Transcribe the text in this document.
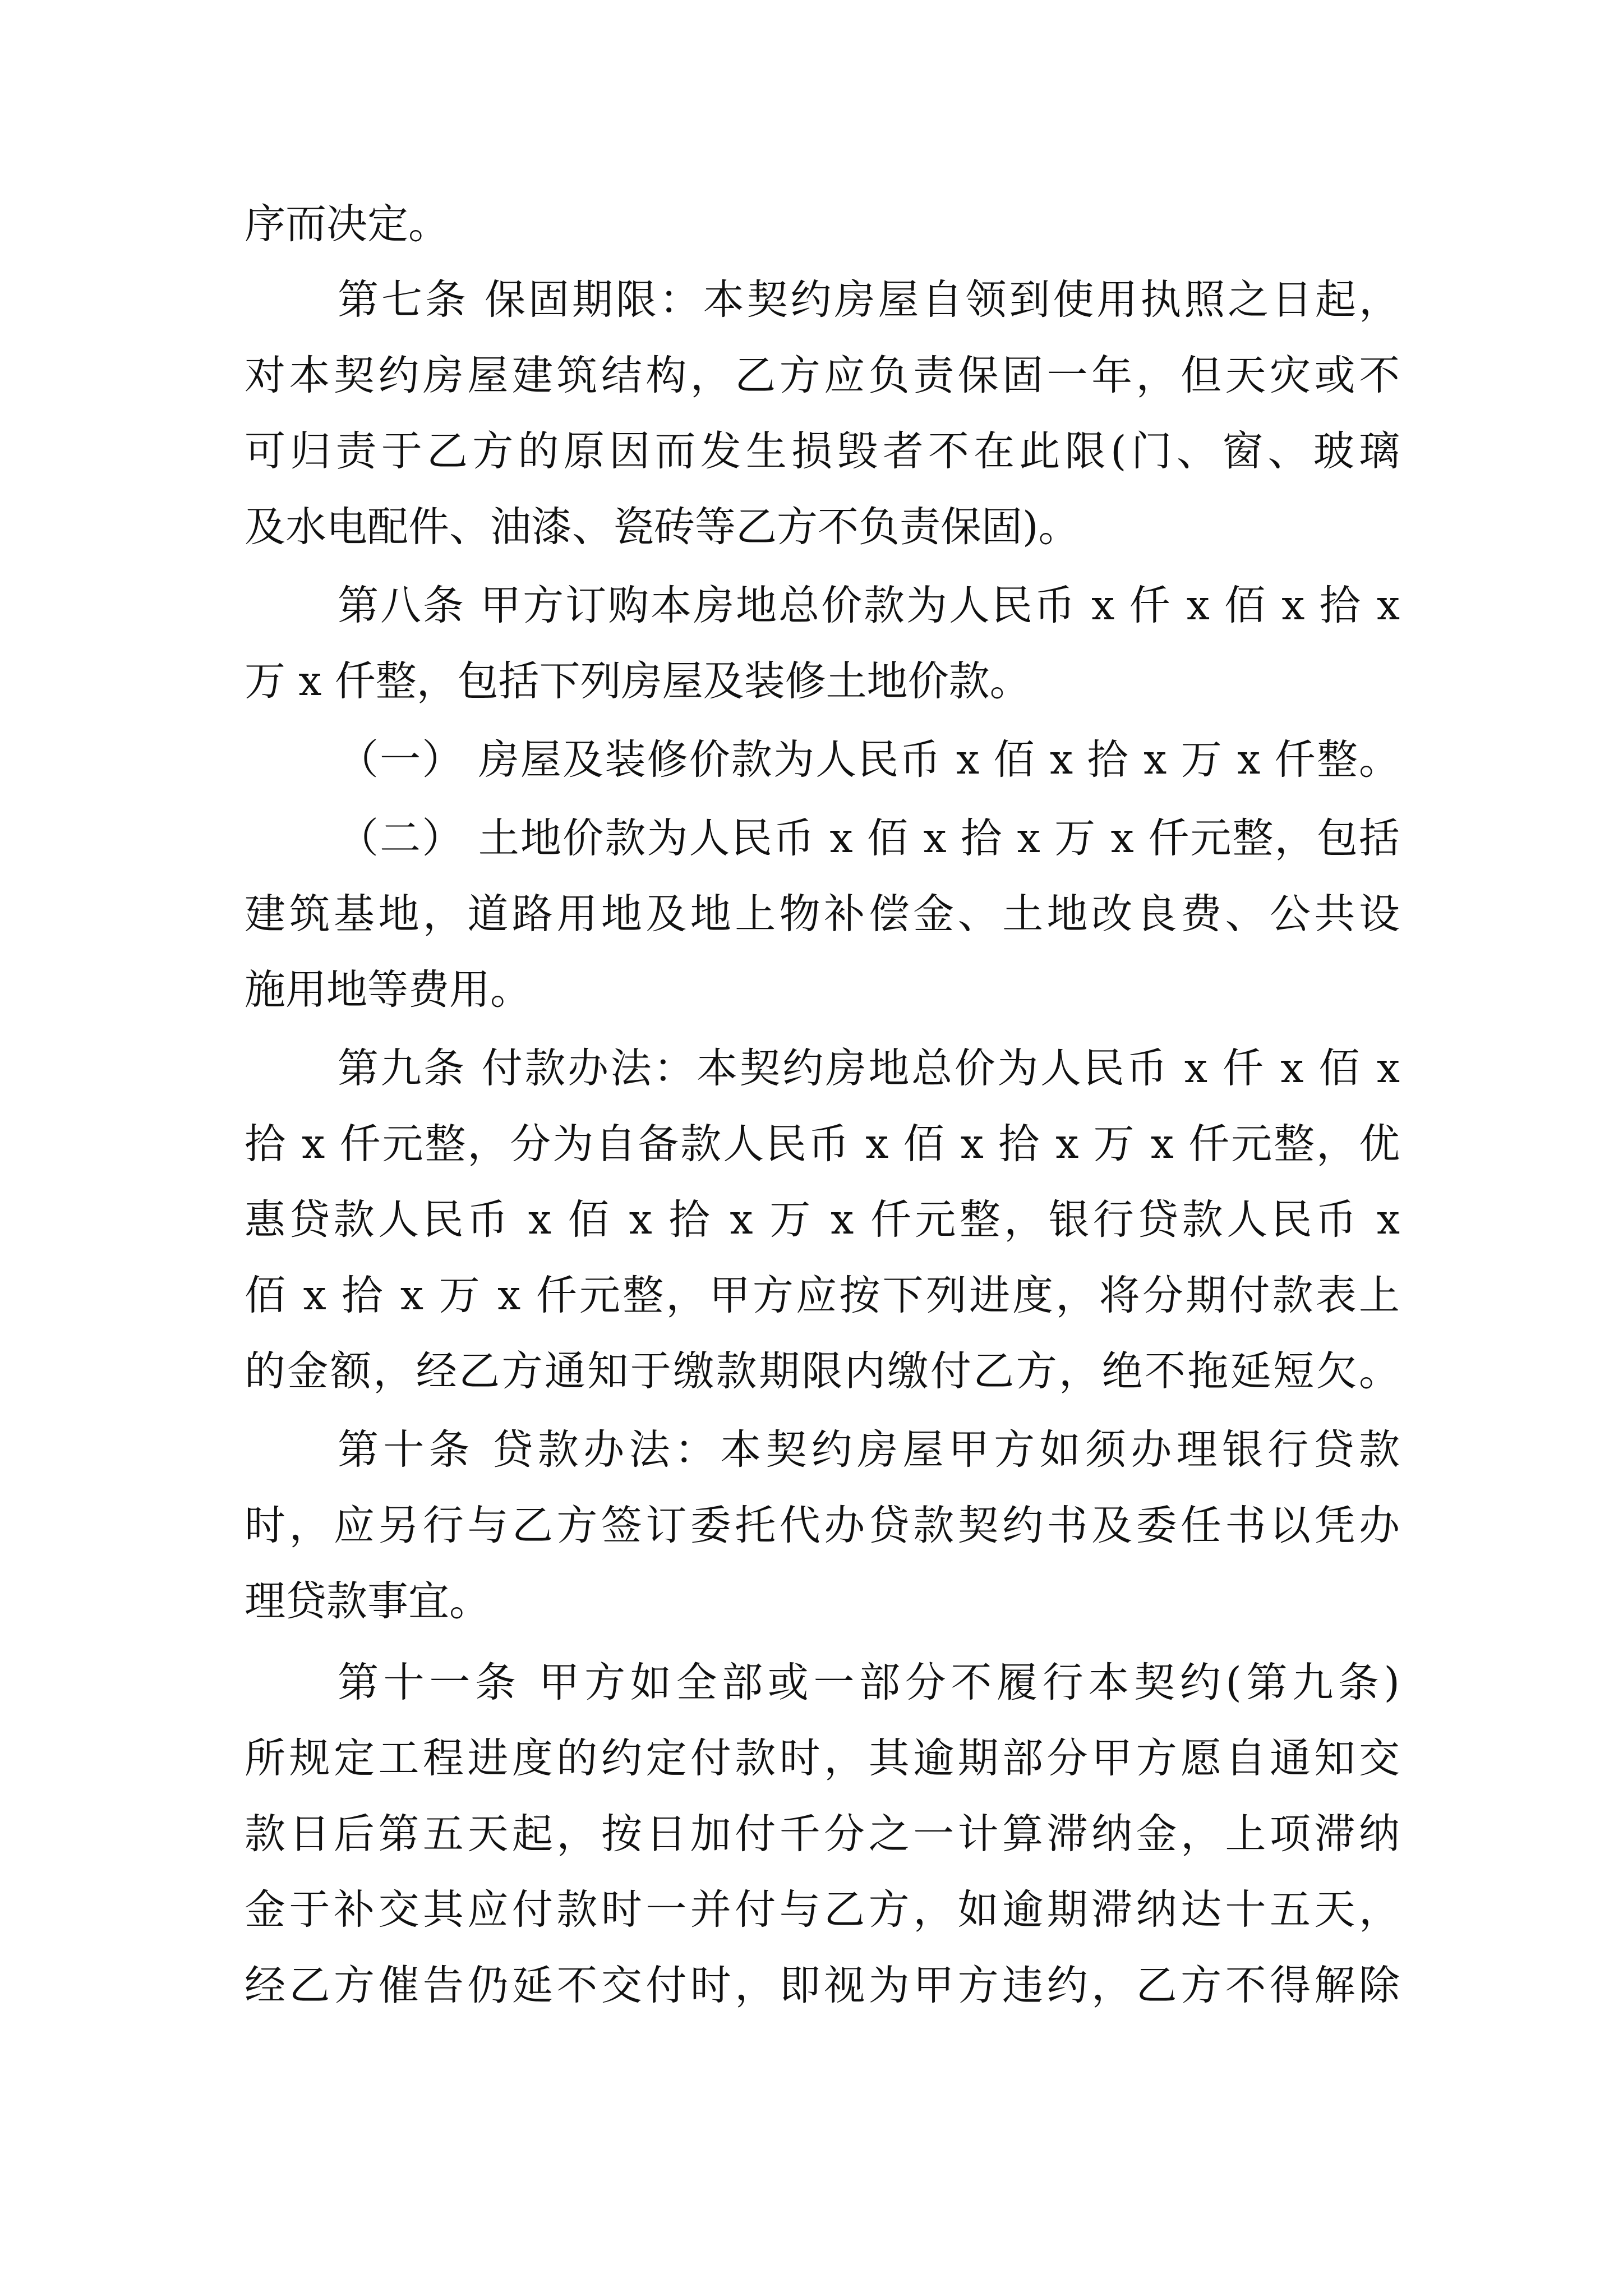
序而决定。
第七条 保固期限：本契约房屋自领到使用执照之日起，
对本契约房屋建筑结构，乙方应负责保固一年，但天灾或不
可归责于乙方的原因而发生损毁者不在此限(门、窗、玻璃
及水电配件、油漆、瓷砖等乙方不负责保固)。
第八条 甲方订购本房地总价款为人民币 x 仟 x 佰 x 拾 x
万 x 仟整，包括下列房屋及装修土地价款。
（一） 房屋及装修价款为人民币 x 佰 x 拾 x 万 x 仟整。
（二） 土地价款为人民币 x 佰 x 拾 x 万 x 仟元整，包括
建筑基地，道路用地及地上物补偿金、土地改良费、公共设
施用地等费用。
第九条 付款办法：本契约房地总价为人民币 x 仟 x 佰 x
拾 x 仟元整，分为自备款人民币 x 佰 x 拾 x 万 x 仟元整，优
惠贷款人民币 x 佰 x 拾 x 万 x 仟元整，银行贷款人民币 x
佰 x 拾 x 万 x 仟元整，甲方应按下列进度，将分期付款表上
的金额，经乙方通知于缴款期限内缴付乙方，绝不拖延短欠。
第十条 贷款办法：本契约房屋甲方如须办理银行贷款
时，应另行与乙方签订委托代办贷款契约书及委任书以凭办
理贷款事宜。
第十一条 甲方如全部或一部分不履行本契约(第九条)
所规定工程进度的约定付款时，其逾期部分甲方愿自通知交
款日后第五天起，按日加付千分之一计算滞纳金，上项滞纳
金于补交其应付款时一并付与乙方，如逾期滞纳达十五天，
经乙方催告仍延不交付时，即视为甲方违约，乙方不得解除
